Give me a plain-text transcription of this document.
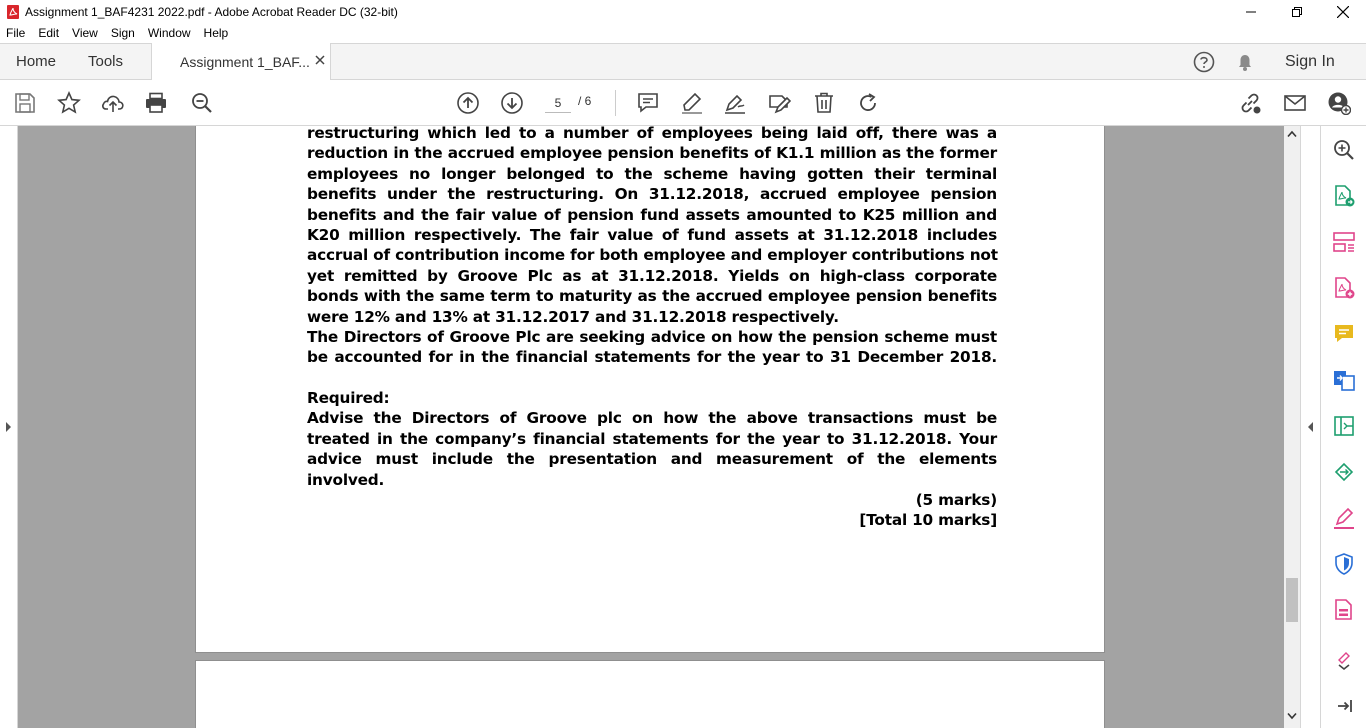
Assignment 1_BAF4231 2022.pdf - Adobe Acrobat Reader DC (32-bit)
File Edit View Sign Window Help
Home Tools	Assignment 1_BAF...	Sign In
5
/ 6
restructuring which led to a number of employees being laid off, there was a
reduction in the accrued employee pension benefits of K1.1 million as the former
employees no longer belonged to the scheme having gotten their terminal
benefits under the restructuring. On 31.12.2018, accrued employee pension
benefits and the fair value of pension fund assets amounted to K25 million and
K20 million respectively. The fair value of fund assets at 31.12.2018 includes
accrual of contribution income for both employee and employer contributions not
yet remitted by Groove Plc as at 31.12.2018. Yields on high-class corporate
bonds with the same term to maturity as the accrued employee pension benefits
were 12% and 13% at 31.12.2017 and 31.12.2018 respectively.
The Directors of Groove Plc are seeking advice on how the pension scheme must
be accounted for in the financial statements for the year to 31 December 2018.
Required:
Advise the Directors of Groove plc on how the above transactions must be
treated in the company’s financial statements for the year to 31.12.2018. Your
advice must include the presentation and measurement of the elements
involved.
(5 marks)
[Total 10 marks]
